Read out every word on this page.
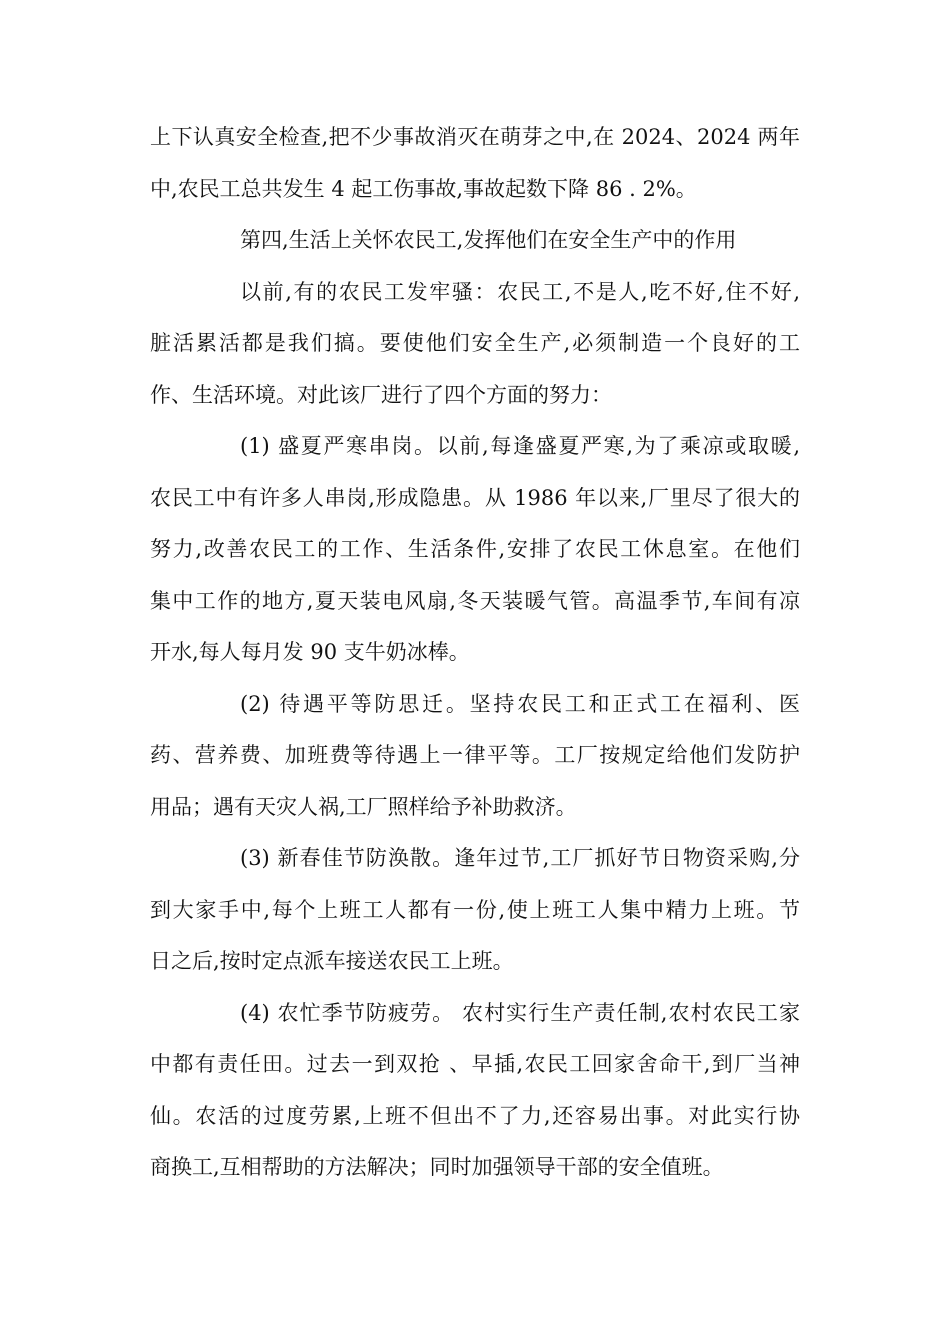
上下认真安全检查,把不少事故消灭在萌芽之中,在 2024、2024 两年
中,农民工总共发生 4 起工伤事故,事故起数下降 86 . 2%。
第四,生活上关怀农民工,发挥他们在安全生产中的作用
以前,有的农民工发牢骚：农民工,不是人,吃不好,住不好,
脏活累活都是我们搞。要使他们安全生产,必须制造一个良好的工
作、生活环境。对此该厂进行了四个方面的努力：
(1) 盛夏严寒串岗。以前,每逢盛夏严寒,为了乘凉或取暖,
农民工中有许多人串岗,形成隐患。从 1986 年以来,厂里尽了很大的
努力,改善农民工的工作、生活条件,安排了农民工休息室。在他们
集中工作的地方,夏天装电风扇,冬天装暖气管。高温季节,车间有凉
开水,每人每月发 90 支牛奶冰棒。
(2) 待遇平等防思迁。坚持农民工和正式工在福利、医
药、营养费、加班费等待遇上一律平等。工厂按规定给他们发防护
用品；遇有天灾人祸,工厂照样给予补助救济。
(3) 新春佳节防涣散。逢年过节,工厂抓好节日物资采购,分
到大家手中,每个上班工人都有一份,使上班工人集中精力上班。节
日之后,按时定点派车接送农民工上班。
(4) 农忙季节防疲劳。 农村实行生产责任制,农村农民工家
中都有责任田。过去一到双抢 、早插,农民工回家舍命干,到厂当神
仙。农活的过度劳累,上班不但出不了力,还容易出事。对此实行协
商换工,互相帮助的方法解决；同时加强领导干部的安全值班。
